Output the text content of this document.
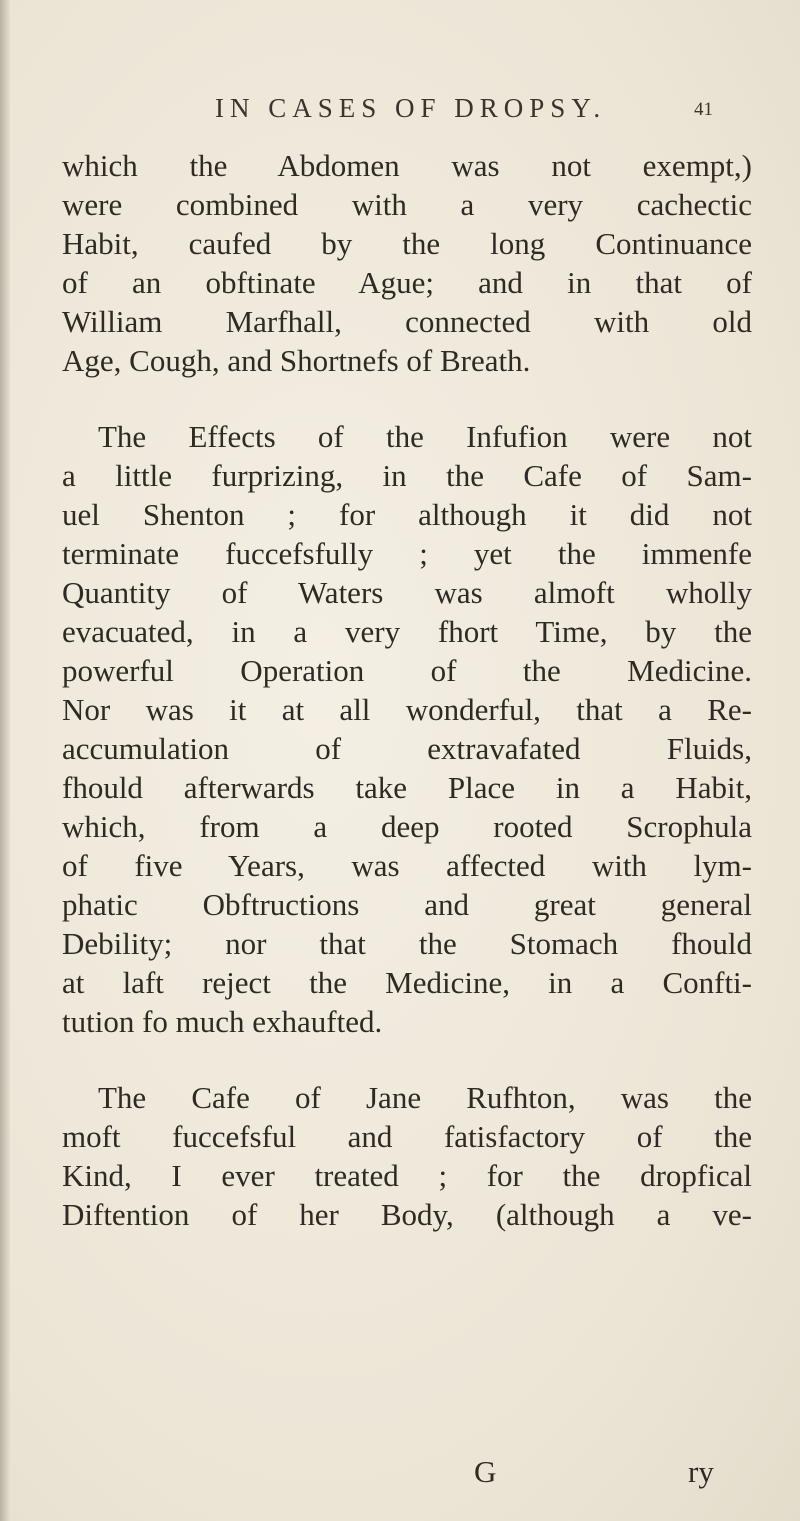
IN CASES OF DROPSY.	41
which the Abdomen was not exempt,)
were combined with a very cachectic
Habit, caufed by the long Continuance
of an obftinate Ague; and in that of
William Marfhall, connected with old
Age, Cough, and Shortnefs of Breath.
The Effects of the Infufion were not
a little furprizing, in the Cafe of Sam-
uel Shenton ; for although it did not
terminate fuccefsfully ; yet the immenfe
Quantity of Waters was almoft wholly
evacuated, in a very fhort Time, by the
powerful Operation of the Medicine.
Nor was it at all wonderful, that a Re-
accumulation of extravafated Fluids,
fhould afterwards take Place in a Habit,
which, from a deep rooted Scrophula
of five Years, was affected with lym-
phatic Obftructions and great general
Debility; nor that the Stomach fhould
at laft reject the Medicine, in a Confti-
tution fo much exhaufted.
The Cafe of Jane Rufhton, was the
moft fuccefsful and fatisfactory of the
Kind, I ever treated ; for the dropfical
Diftention of her Body, (although a ve-
G	ry
